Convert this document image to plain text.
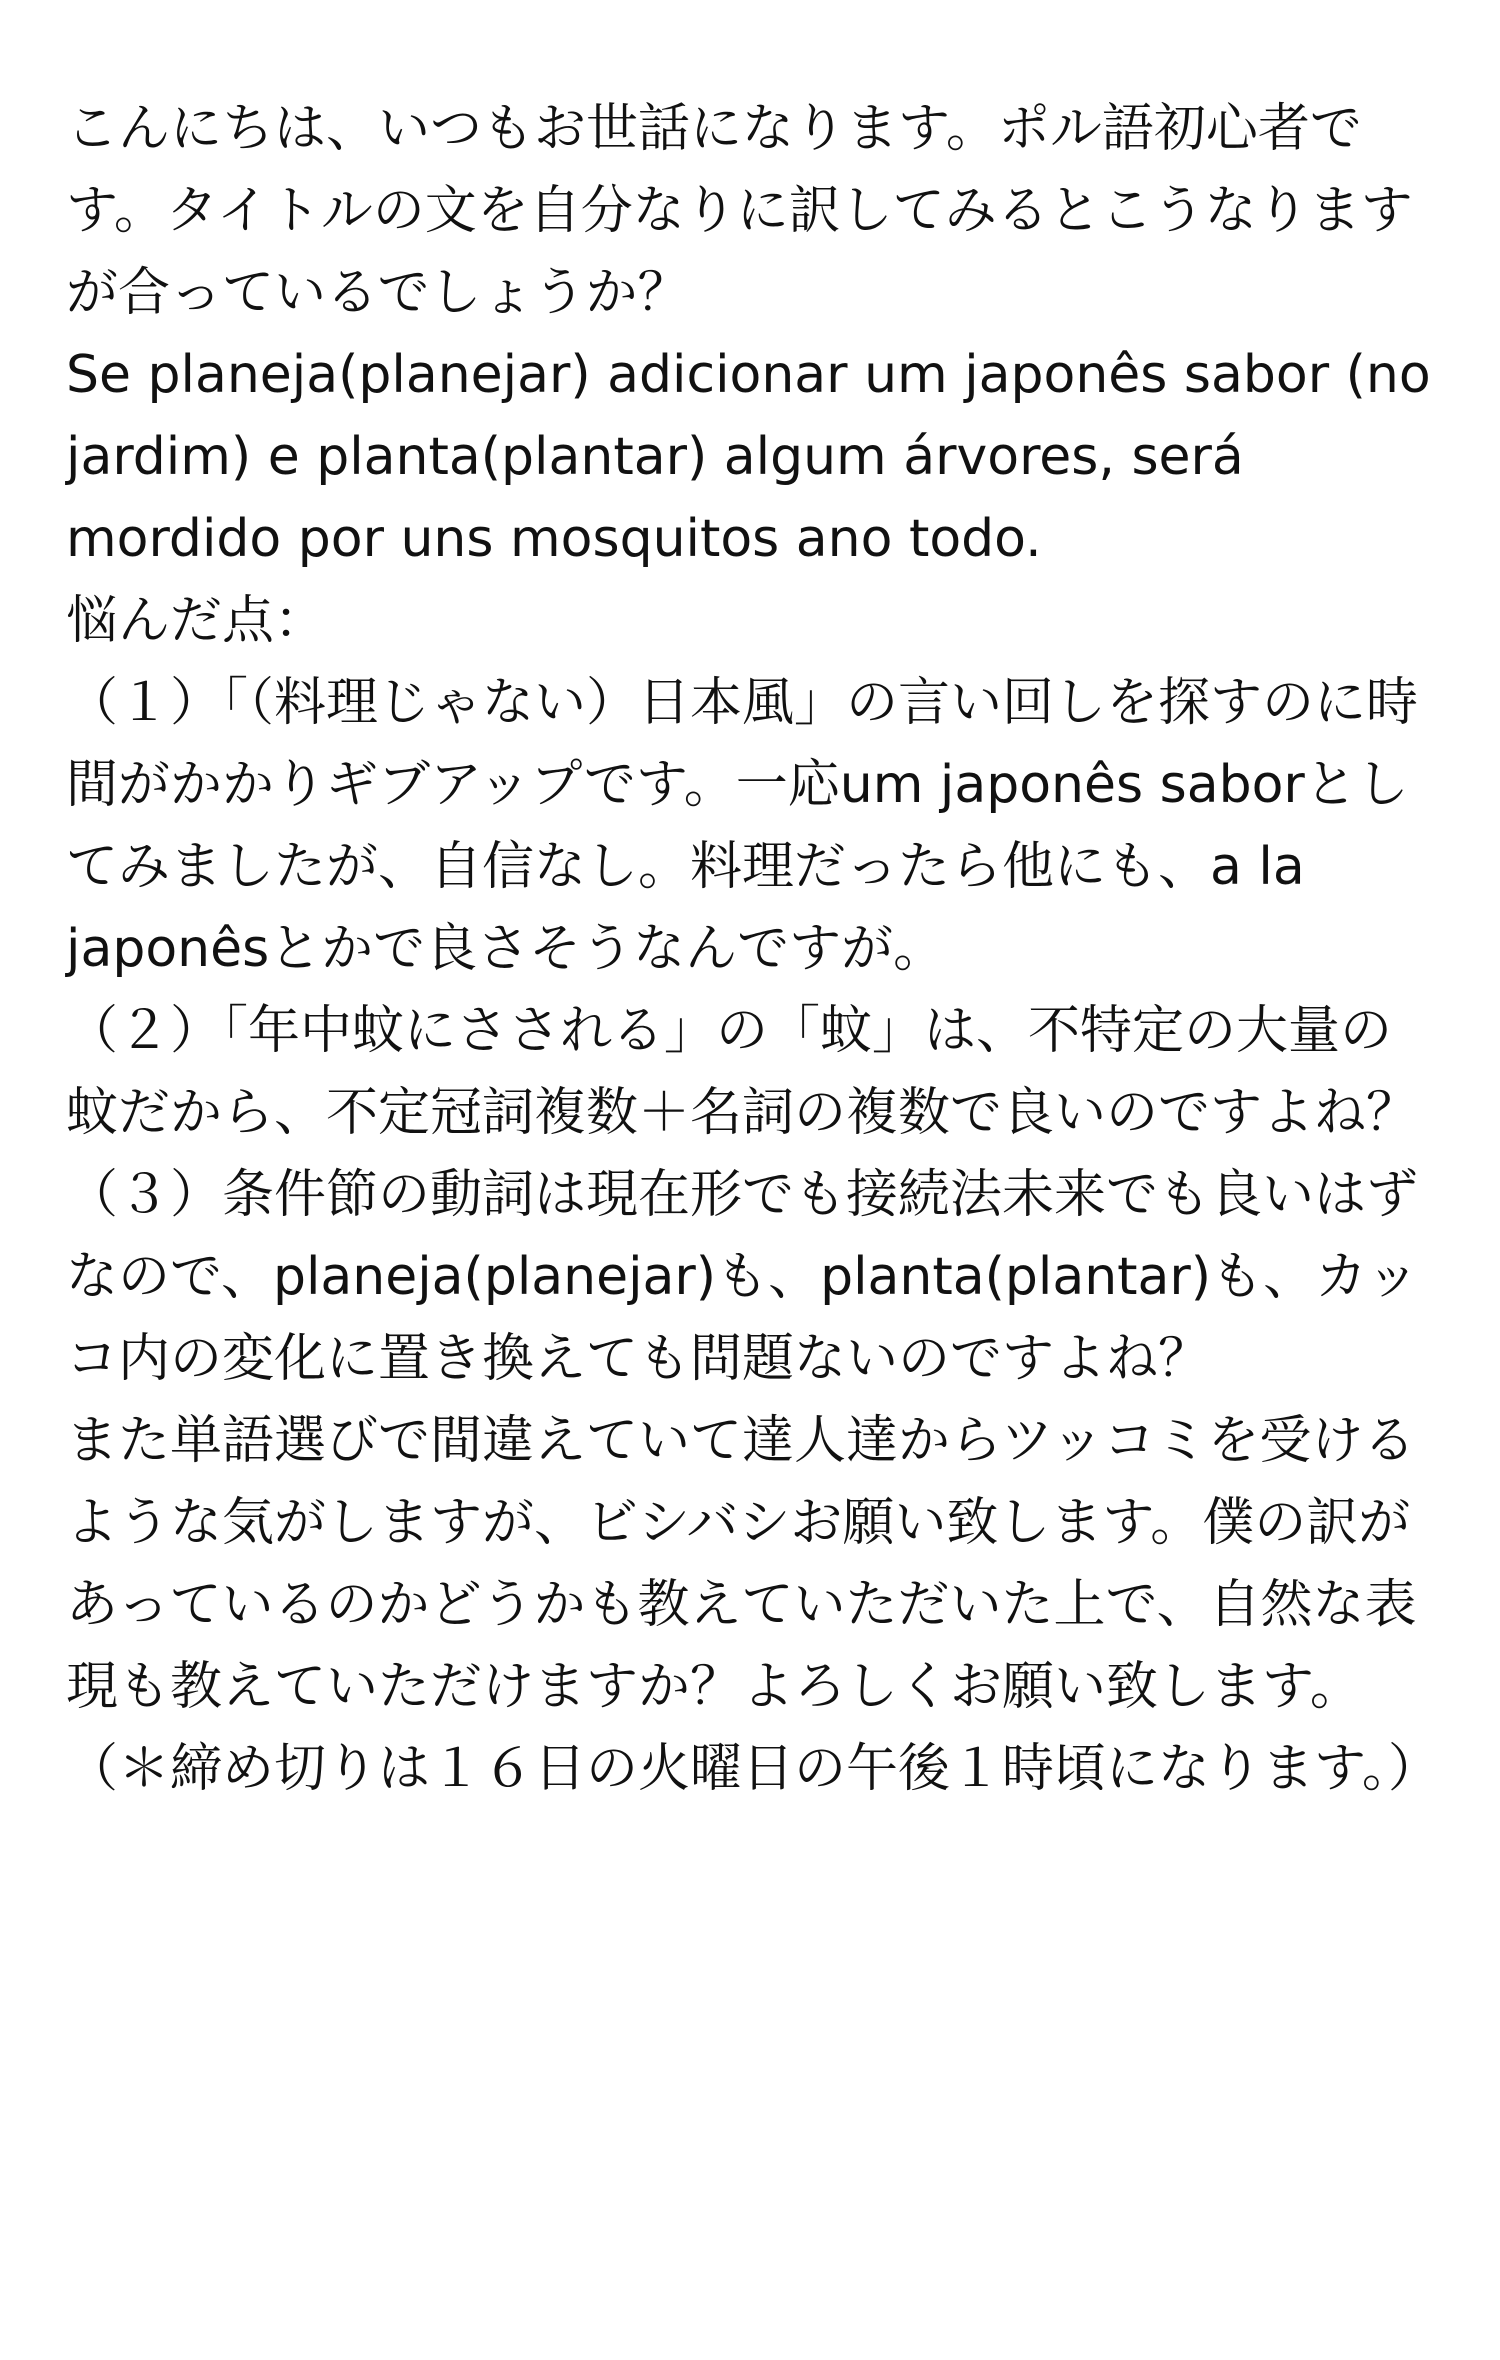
こんにちは、いつもお世話になります。ポル語初心者です。タイトルの文を自分なりに訳してみるとこうなりますが合っているでしょうか？

Se planeja(planejar) adicionar um japonês sabor (no jardim) e planta(plantar) algum árvores, será mordido por uns mosquitos ano todo.

悩んだ点：

（１）「（料理じゃない）日本風」の言い回しを探すのに時間がかかりギブアップです。一応um japonês saborとしてみましたが、自信なし。料理だったら他にも、a la japonêsとかで良さそうなんですが。

（２）「年中蚊にさされる」の「蚊」は、不特定の大量の蚊だから、不定冠詞複数＋名詞の複数で良いのですよね？

（３）条件節の動詞は現在形でも接続法未来でも良いはずなので、planeja(planejar)も、planta(plantar)も、カッコ内の変化に置き換えても問題ないのですよね？

また単語選びで間違えていて達人達からツッコミを受けるような気がしますが、ビシバシお願い致します。僕の訳があっているのかどうかも教えていただいた上で、自然な表現も教えていただけますか？よろしくお願い致します。

（＊締め切りは１６日の火曜日の午後１時頃になります。）
